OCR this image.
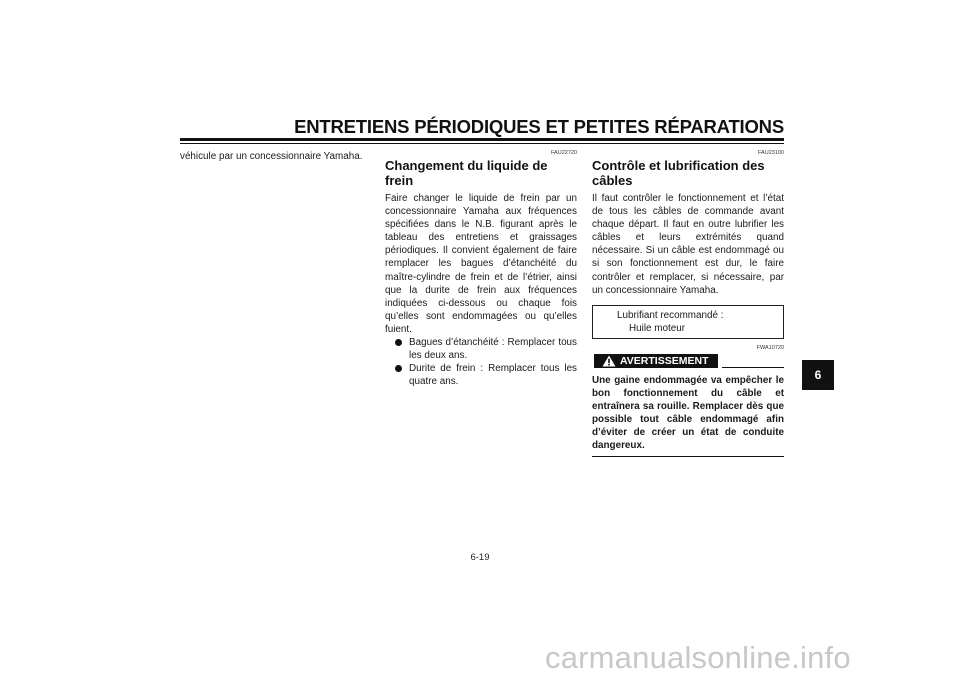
ENTRETIENS PÉRIODIQUES ET PETITES RÉPARATIONS

véhicule par un concessionnaire Yamaha.	FAU22720
Changement du liquide de frein

Faire changer le liquide de frein par un concessionnaire Yamaha aux fréquences spécifiées dans le N.B. figurant après le tableau des entretiens et graissages périodiques. Il convient également de faire remplacer les bagues d’étanchéité du maître-cylindre de frein et de l’étrier, ainsi que la durite de frein aux fréquences indiquées ci-dessous ou chaque fois qu’elles sont endommagées ou qu’elles fuient.

Bagues d’étanchéité : Remplacer tous les deux ans.
Durite de frein : Remplacer tous les quatre ans.
FAU23100
Contrôle et lubrification des câbles

Il faut contrôler le fonctionnement et l’état de tous les câbles de commande avant chaque départ. Il faut en outre lubrifier les câbles et leurs extrémités quand nécessaire. Si un câble est endommagé ou si son fonctionnement est dur, le faire contrôler et remplacer, si nécessaire, par un concessionnaire Yamaha.

Lubrifiant recommandé :
Huile moteur
FWA10720
AVERTISSEMENT

Une gaine endommagée va empêcher le bon fonctionnement du câble et entraînera sa rouille. Remplacer dès que possible tout câble endommagé afin d’éviter de créer un état de conduite dangereux.

6
6-19
carmanualsonline.info
